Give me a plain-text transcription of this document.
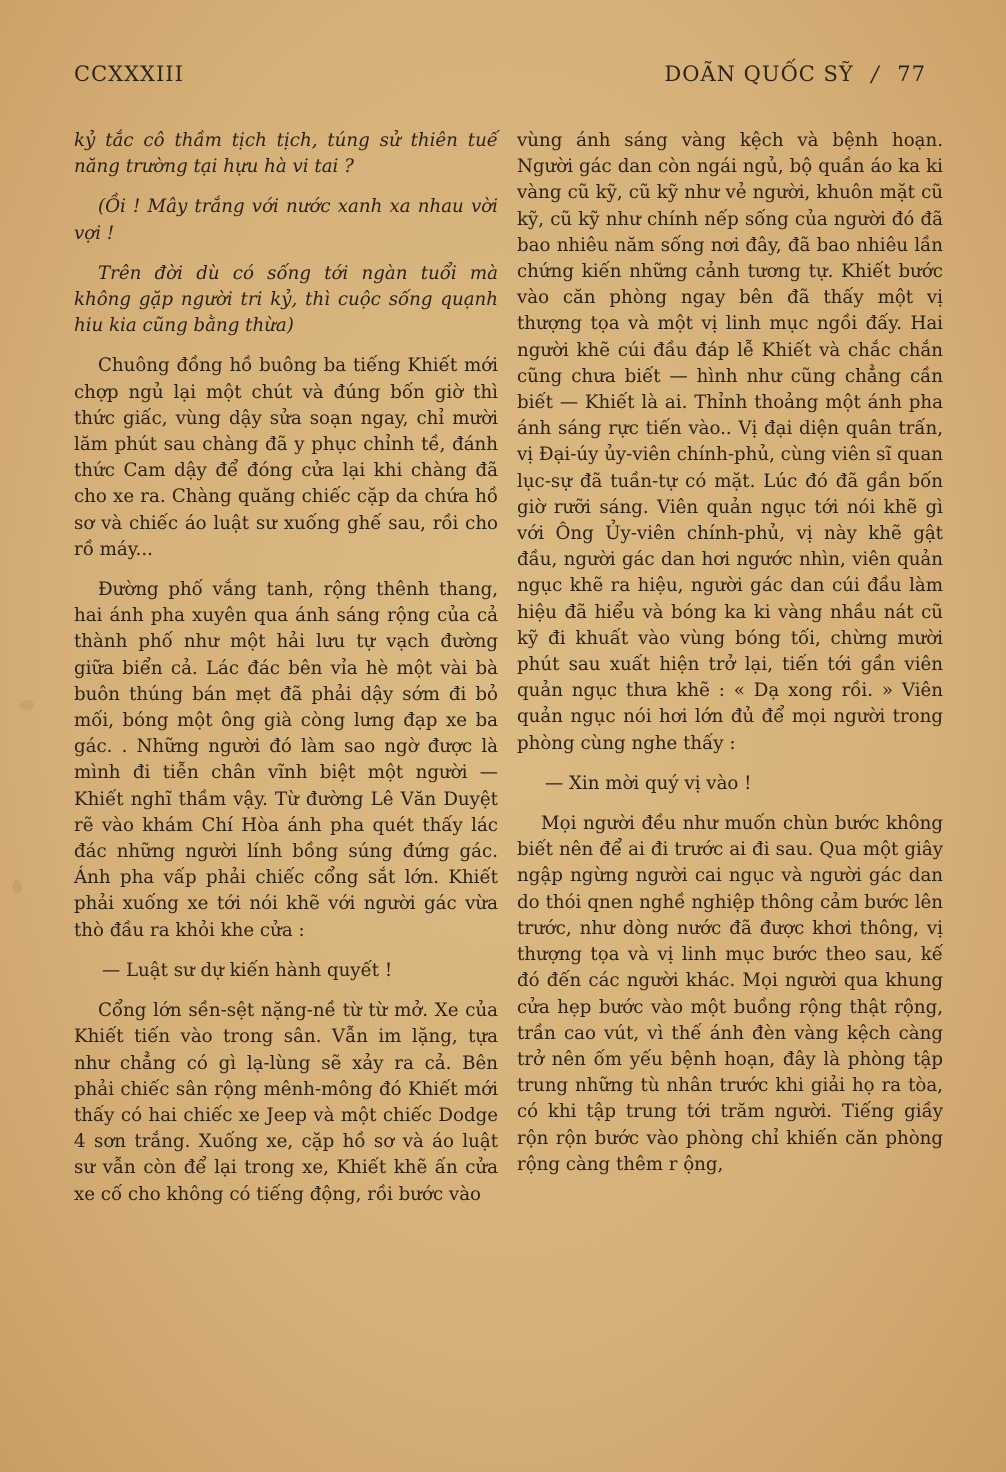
CCXXXIII	DOÃN QUỐC SỸ / 77

kỷ tắc cô thầm tịch tịch, túng sử thiên tuế năng trường tại hựu hà vi tai ?

(Ồi ! Mây trắng với nước xanh xa nhau vời vợi !

Trên đời dù có sống tới ngàn tuổi mà không gặp người tri kỷ, thì cuộc sống quạnh hiu kia cũng bằng thừa)

Chuông đồng hồ buông ba tiếng Khiết mới chợp ngủ lại một chút và đúng bốn giờ thì thức giấc, vùng dậy sửa soạn ngay, chỉ mười lăm phút sau chàng đã y phục chỉnh tề, đánh thức Cam dậy để đóng cửa lại khi chàng đã cho xe ra. Chàng quăng chiếc cặp da chứa hồ sơ và chiếc áo luật sư xuống ghế sau, rồi cho rồ máy...

Đường phố vắng tanh, rộng thênh thang, hai ánh pha xuyên qua ánh sáng rộng của cả thành phố như một hải lưu tự vạch đường giữa biển cả. Lác đác bên vỉa hè một vài bà buôn thúng bán mẹt đã phải dậy sớm đi bỏ mối, bóng một ông già còng lưng đạp xe ba gác. . Những người đó làm sao ngờ được là mình đi tiễn chân vĩnh biệt một người — Khiết nghĩ thầm vậy. Từ đường Lê Văn Duyệt rẽ vào khám Chí Hòa ánh pha quét thấy lác đác những người lính bồng súng đứng gác. Ánh pha vấp phải chiếc cổng sắt lớn. Khiết phải xuống xe tới nói khẽ với người gác vừa thò đầu ra khỏi khe cửa :

— Luật sư dự kiến hành quyết !

Cổng lớn sền-sệt nặng-nề từ từ mở. Xe của Khiết tiến vào trong sân. Vẫn im lặng, tựa như chẳng có gì lạ-lùng sẽ xảy ra cả. Bên phải chiếc sân rộng mênh-mông đó Khiết mới thấy có hai chiếc xe Jeep và một chiếc Dodge 4 sơn trắng. Xuống xe, cặp hồ sơ và áo luật sư vẫn còn để lại trong xe, Khiết khẽ ấn cửa xe cố cho không có tiếng động, rồi bước vào

vùng ánh sáng vàng kệch và bệnh hoạn. Người gác dan còn ngái ngủ, bộ quần áo ka ki vàng cũ kỹ, cũ kỹ như vẻ người, khuôn mặt cũ kỹ, cũ kỹ như chính nếp sống của người đó đã bao nhiêu năm sống nơi đây, đã bao nhiêu lần chứng kiến những cảnh tương tự. Khiết bước vào căn phòng ngay bên đã thấy một vị thượng tọa và một vị linh mục ngồi đấy. Hai người khẽ cúi đầu đáp lễ Khiết và chắc chắn cũng chưa biết — hình như cũng chẳng cần biết — Khiết là ai. Thỉnh thoảng một ánh pha ánh sáng rực tiến vào.. Vị đại diện quân trấn, vị Đại-úy ủy-viên chính-phủ, cùng viên sĩ quan lục-sự đã tuần-tự có mặt. Lúc đó đã gần bốn giờ rưỡi sáng. Viên quản ngục tới nói khẽ gì với Ông Ủy-viên chính-phủ, vị này khẽ gật đầu, người gác dan hơi ngước nhìn, viên quản ngục khẽ ra hiệu, người gác dan cúi đầu làm hiệu đã hiểu và bóng ka ki vàng nhầu nát cũ kỹ đi khuất vào vùng bóng tối, chừng mười phút sau xuất hiện trở lại, tiến tới gần viên quản ngục thưa khẽ : « Dạ xong rồi. » Viên quản ngục nói hơi lớn đủ để mọi người trong phòng cùng nghe thấy :

— Xin mời quý vị vào !

Mọi người đều như muốn chùn bước không biết nên để ai đi trước ai đi sau. Qua một giây ngập ngừng người cai ngục và người gác dan do thói qnen nghề nghiệp thông cảm bước lên trước, như dòng nước đã được khơi thông, vị thượng tọa và vị linh mục bước theo sau, kế đó đến các người khác. Mọi người qua khung cửa hẹp bước vào một buồng rộng thật rộng, trần cao vút, vì thế ánh đèn vàng kệch càng trở nên ốm yếu bệnh hoạn, đây là phòng tập trung những tù nhân trước khi giải họ ra tòa, có khi tập trung tới trăm người. Tiếng giầy rộn rộn bước vào phòng chỉ khiến căn phòng rộng càng thêm r ộng,
